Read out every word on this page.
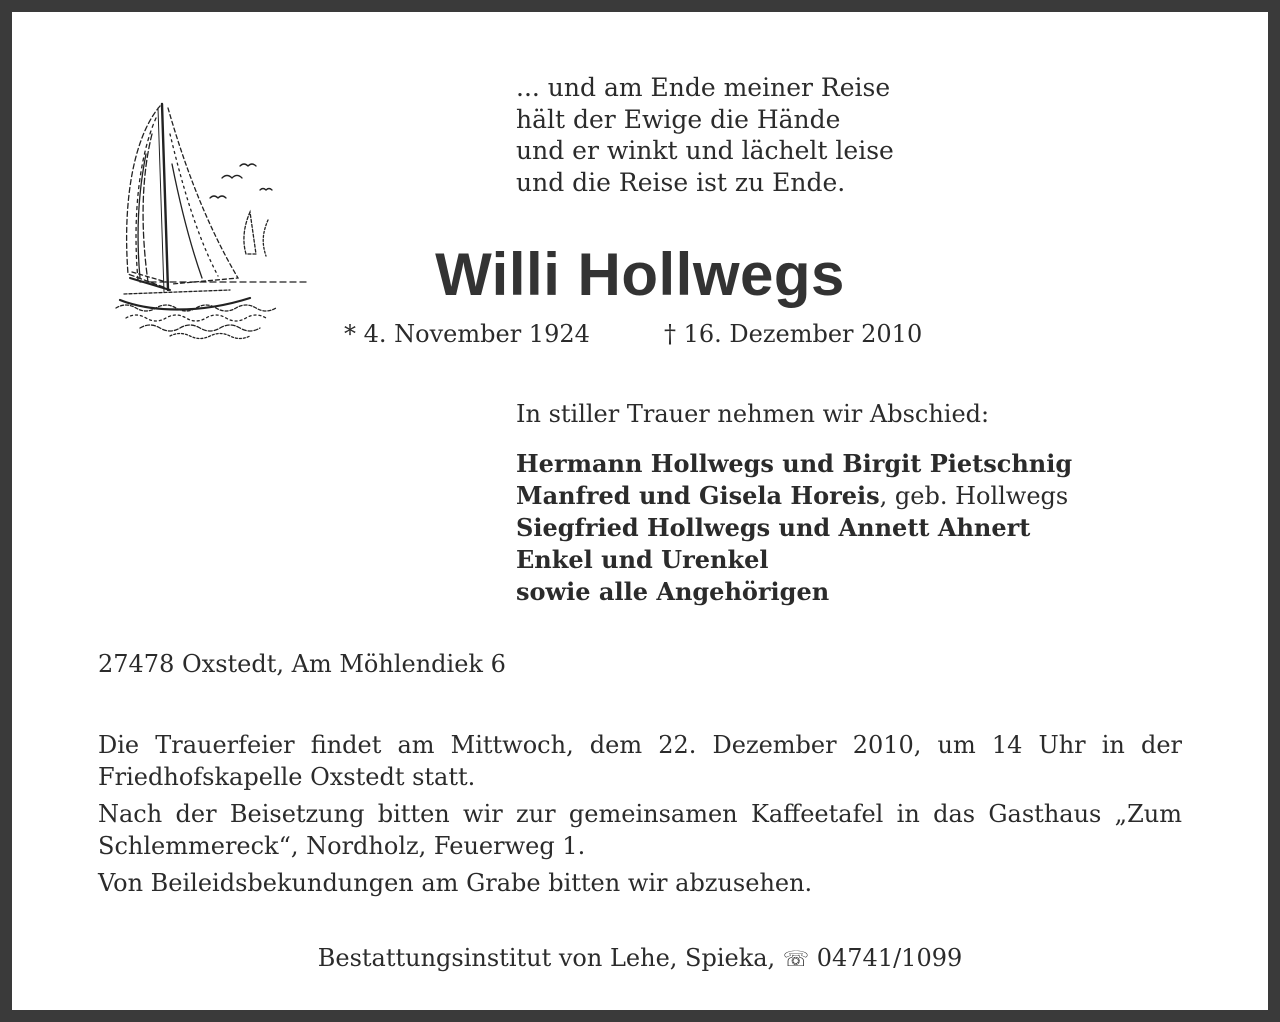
... und am Ende meiner Reise
hält der Ewige die Hände
und er winkt und lächelt leise
und die Reise ist zu Ende.
Willi Hollwegs
* 4. November 1924	† 16. Dezember 2010
In stiller Trauer nehmen wir Abschied:
Hermann Hollwegs und Birgit Pietschnig
Manfred und Gisela Horeis, geb. Hollwegs
Siegfried Hollwegs und Annett Ahnert
Enkel und Urenkel
sowie alle Angehörigen
27478 Oxstedt, Am Möhlendiek 6
Die Trauerfeier findet am Mittwoch, dem 22. Dezember 2010, um 14 Uhr in der Friedhofskapelle Oxstedt statt.
Nach der Beisetzung bitten wir zur gemeinsamen Kaffeetafel in das Gasthaus „Zum Schlemmereck“, Nordholz, Feuerweg 1.
Von Beileidsbekundungen am Grabe bitten wir abzusehen.
Bestattungsinstitut von Lehe, Spieka, ☏ 04741/1099
